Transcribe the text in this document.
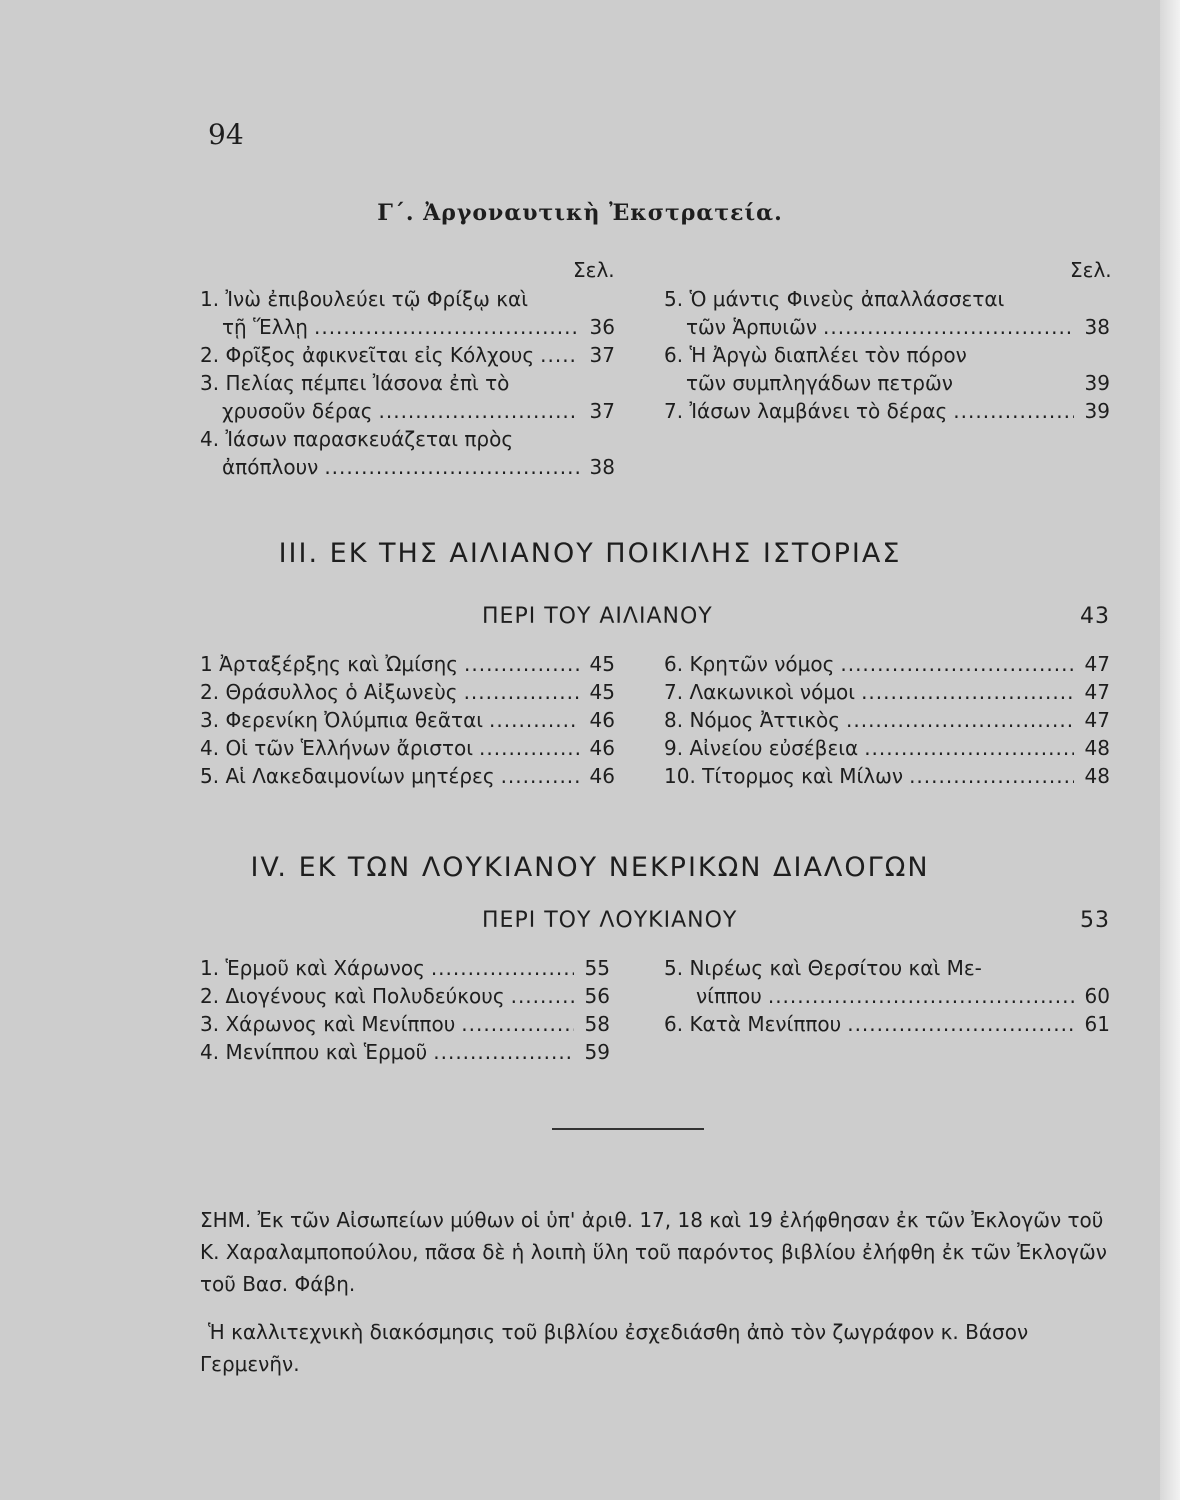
94
Γ΄. Ἀργοναυτικὴ Ἐκστρατεία.
Σελ.	Σελ.
1. Ἰνὼ ἐπιβουλεύει τῷ Φρίξῳ καὶ
τῇ Ἕλλῃ .....	36
2. Φρῖξος ἀφικνεῖται εἰς Κόλχους .....	37
3. Πελίας πέμπει Ἰάσονα ἐπὶ τὸ
χρυσοῦν δέρας .....	37
4. Ἰάσων παρασκευάζεται πρὸς
ἀπόπλουν .....	38
5. Ὁ μάντις Φινεὺς ἀπαλλάσσεται
τῶν Ἁρπυιῶν .....	38
6. Ἡ Ἀργὼ διαπλέει τὸν πόρον
τῶν συμπληγάδων πετρῶν	39
7. Ἰάσων λαμβάνει τὸ δέρας .....	39
III. ΕΚ ΤΗΣ ΑΙΛΙΑΝΟΥ ΠΟΙΚΙΛΗΣ ΙΣΤΟΡΙΑΣ
ΠΕΡΙ ΤΟΥ ΑΙΛΙΑΝΟΥ	43
1 Ἀρταξέρξης καὶ Ὠμίσης .....	45
2. Θράσυλλος ὁ Αἰξωνεὺς .....	45
3. Φερενίκη Ὀλύμπια θεᾶται .....	46
4. Οἱ τῶν Ἑλλήνων ἄριστοι .....	46
5. Αἱ Λακεδαιμονίων μητέρες .....	46
6. Κρητῶν νόμος .....	47
7. Λακωνικοὶ νόμοι .....	47
8. Νόμος Ἀττικὸς .....	47
9. Αἰνείου εὐσέβεια .....	48
10. Τίτορμος καὶ Μίλων .....	48
IV. ΕΚ ΤΩΝ ΛΟΥΚΙΑΝΟΥ ΝΕΚΡΙΚΩΝ ΔΙΑΛΟΓΩΝ
ΠΕΡΙ ΤΟΥ ΛΟΥΚΙΑΝΟΥ	53
1. Ἑρμοῦ καὶ Χάρωνος .....	55
2. Διογένους καὶ Πολυδεύκους .....	56
3. Χάρωνος καὶ Μενίππου .....	58
4. Μενίππου καὶ Ἑρμοῦ .....	59
5. Νιρέως καὶ Θερσίτου καὶ Με-
νίππου .....	60
6. Κατὰ Μενίππου .....	61
ΣΗΜ. Ἐκ τῶν Αἰσωπείων μύθων οἱ ὑπ' ἀριθ. 17, 18 καὶ 19 ἐλήφθησαν ἐκ τῶν Ἐκλογῶν τοῦ Κ. Χαραλαμποπούλου, πᾶσα δὲ ἡ λοιπὴ ὕλη τοῦ παρόντος βιβλίου ἐλήφθη ἐκ τῶν Ἐκλογῶν τοῦ Βασ. Φάβη.
Ἡ καλλιτεχνικὴ διακόσμησις τοῦ βιβλίου ἐσχεδιάσθη ἀπὸ τὸν ζωγράφον κ. Βάσον Γερμενῆν.
